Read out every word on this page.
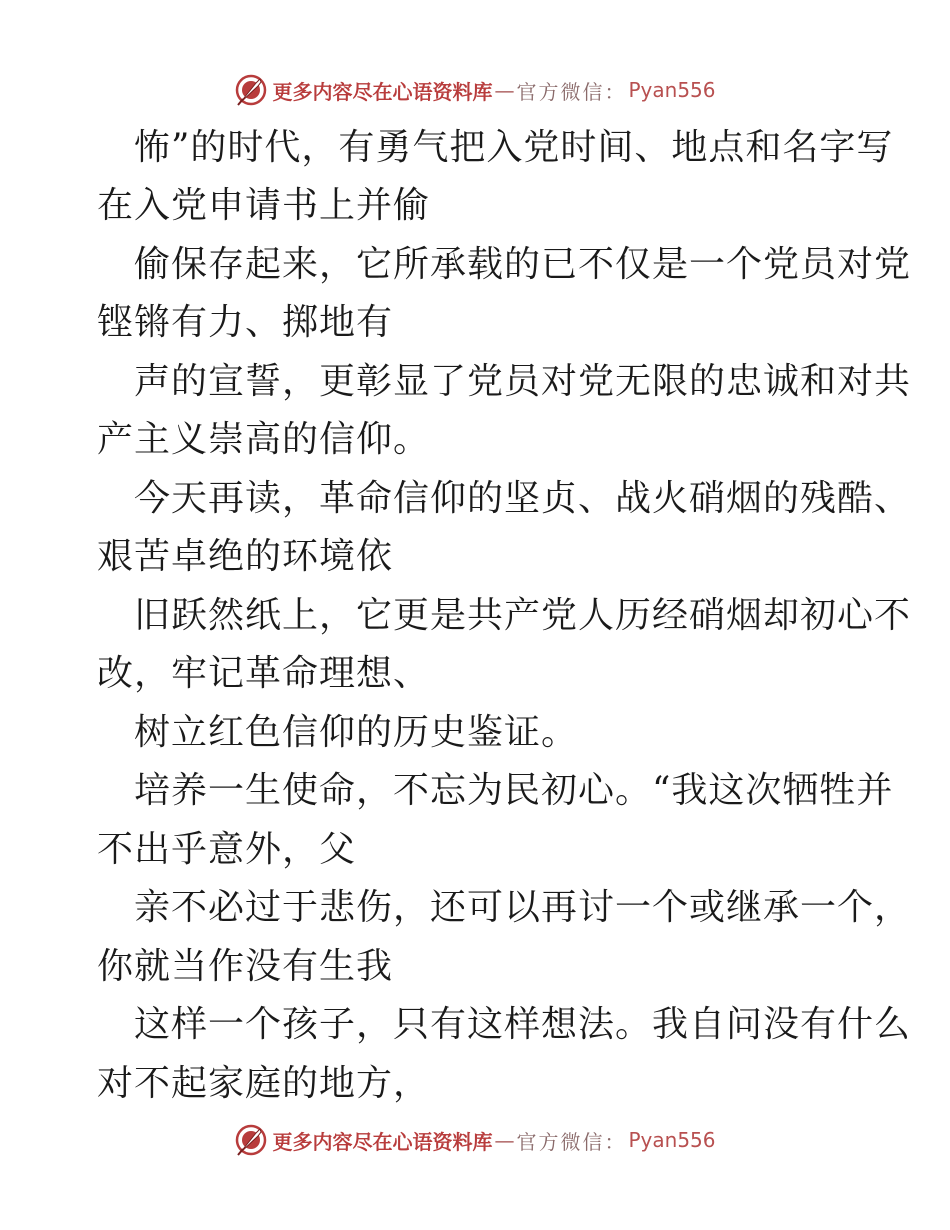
更多内容尽在心语资料库 — 官方微信： Pyan556
怖”的时代，有勇气把入党时间、地点和名字写
在入党申请书上并偷
偷保存起来，它所承载的已不仅是一个党员对党
铿锵有力、掷地有
声的宣誓，更彰显了党员对党无限的忠诚和对共
产主义崇高的信仰。
今天再读，革命信仰的坚贞、战火硝烟的残酷、
艰苦卓绝的环境依
旧跃然纸上，它更是共产党人历经硝烟却初心不
改，牢记革命理想、
树立红色信仰的历史鉴证。
培养一生使命，不忘为民初心。“我这次牺牲并
不出乎意外，父
亲不必过于悲伤，还可以再讨一个或继承一个，
你就当作没有生我
这样一个孩子，只有这样想法。我自问没有什么
对不起家庭的地方，
更多内容尽在心语资料库 — 官方微信： Pyan556
